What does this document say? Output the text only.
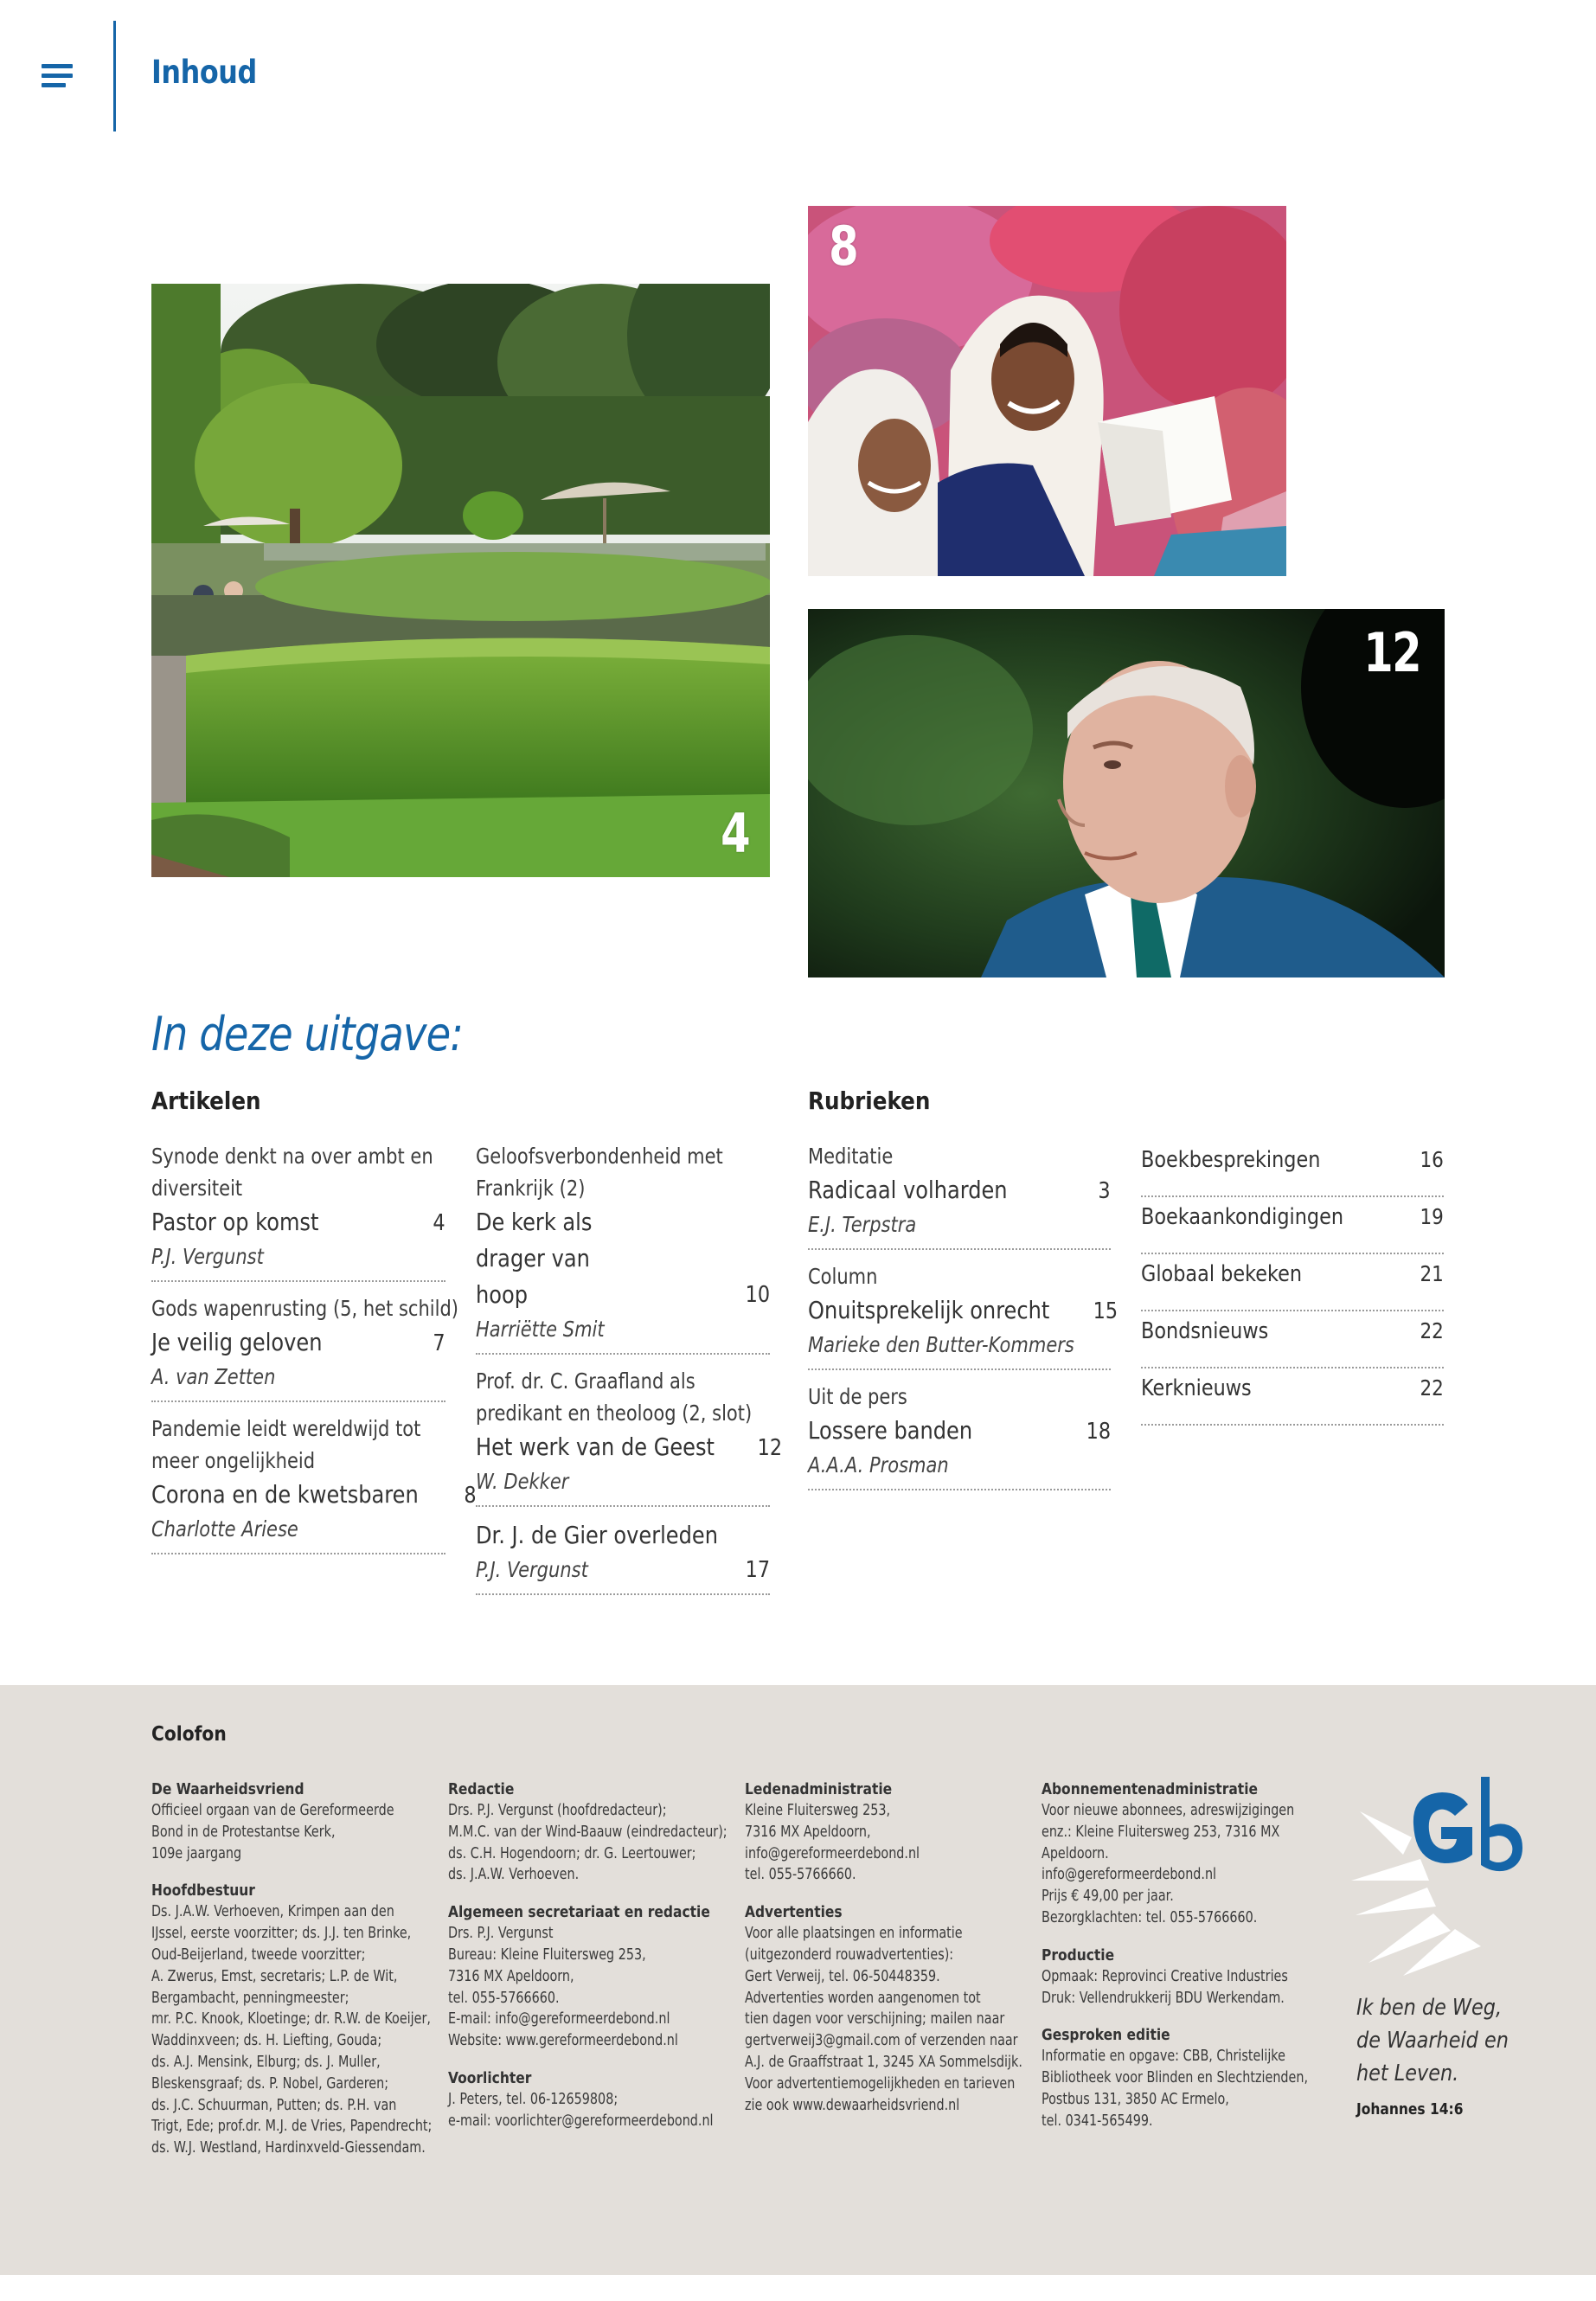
Inhoud
4
8
12
In deze uitgave:
Artikelen	Rubrieken
Synode denkt na over ambt en diversiteit
Pastor op komst	4
P.J. Vergunst
Gods wapenrusting (5, het schild)
Je veilig geloven	7
A. van Zetten
Pandemie leidt wereldwijd tot meer ongelijkheid
Corona en de kwetsbaren 8
Charlotte Ariese
Geloofsverbondenheid met Frankrijk (2)
De kerk als drager van hoop	10
Harriëtte Smit
Prof. dr. C. Graafland als predikant en theoloog (2, slot)
Het werk van de Geest 12
W. Dekker
Dr. J. de Gier overleden
P.J. Vergunst	17
Meditatie
Radicaal volharden	3
E.J. Terpstra
Column
Onuitsprekelijk onrecht 15
Marieke den Butter-Kommers
Uit de pers
Lossere banden	18
A.A.A. Prosman
Boekbesprekingen	16
Boekaankondigingen	19
Globaal bekeken	21
Bondsnieuws	22
Kerknieuws	22
Colofon
De Waarheidsvriend
Officieel orgaan van de Gereformeerde
Bond in de Protestantse Kerk,
109e jaargang
Hoofdbestuur
Ds. J.A.W. Verhoeven, Krimpen aan den
IJssel, eerste voorzitter; ds. J.J. ten Brinke,
Oud-Beijerland, tweede voorzitter;
A. Zwerus, Emst, secretaris; L.P. de Wit,
Bergambacht, penningmeester;
mr. P.C. Knook, Kloetinge; dr. R.W. de Koeijer,
Waddinxveen; ds. H. Liefting, Gouda;
ds. A.J. Mensink, Elburg; ds. J. Muller,
Bleskensgraaf; ds. P. Nobel, Garderen;
ds. J.C. Schuurman, Putten; ds. P.H. van
Trigt, Ede; prof.dr. M.J. de Vries, Papendrecht;
ds. W.J. Westland, Hardinxveld-Giessendam.
Redactie
Drs. P.J. Vergunst (hoofdredacteur);
M.M.C. van der Wind-Baauw (eindredacteur);
ds. C.H. Hogendoorn; dr. G. Leertouwer;
ds. J.A.W. Verhoeven.
Algemeen secretariaat en redactie
Drs. P.J. Vergunst
Bureau: Kleine Fluitersweg 253,
7316 MX Apeldoorn,
tel. 055-5766660.
E-mail: info@gereformeerdebond.nl
Website: www.gereformeerdebond.nl
Voorlichter
J. Peters, tel. 06-12659808;
e-mail: voorlichter@gereformeerdebond.nl
Ledenadministratie
Kleine Fluitersweg 253,
7316 MX Apeldoorn,
info@gereformeerdebond.nl
tel. 055-5766660.
Advertenties
Voor alle plaatsingen en informatie
(uitgezonderd rouwadvertenties):
Gert Verweij, tel. 06-50448359.
Advertenties worden aangenomen tot
tien dagen voor verschijning; mailen naar
gertverweij3@gmail.com of verzenden naar
A.J. de Graaffstraat 1, 3245 XA Sommelsdijk.
Voor advertentiemogelijkheden en tarieven
zie ook www.dewaarheidsvriend.nl
Abonnementenadministratie
Voor nieuwe abonnees, adreswijzigingen
enz.: Kleine Fluitersweg 253, 7316 MX
Apeldoorn.
info@gereformeerdebond.nl
Prijs € 49,00 per jaar.
Bezorgklachten: tel. 055-5766660.
Productie
Opmaak: Reprovinci Creative Industries
Druk: Vellendrukkerij BDU Werkendam.
Gesproken editie
Informatie en opgave: CBB, Christelijke
Bibliotheek voor Blinden en Slechtzienden,
Postbus 131, 3850 AC Ermelo,
tel. 0341-565499.
Ik ben de Weg,
de Waarheid en
het Leven.
Johannes 14:6
